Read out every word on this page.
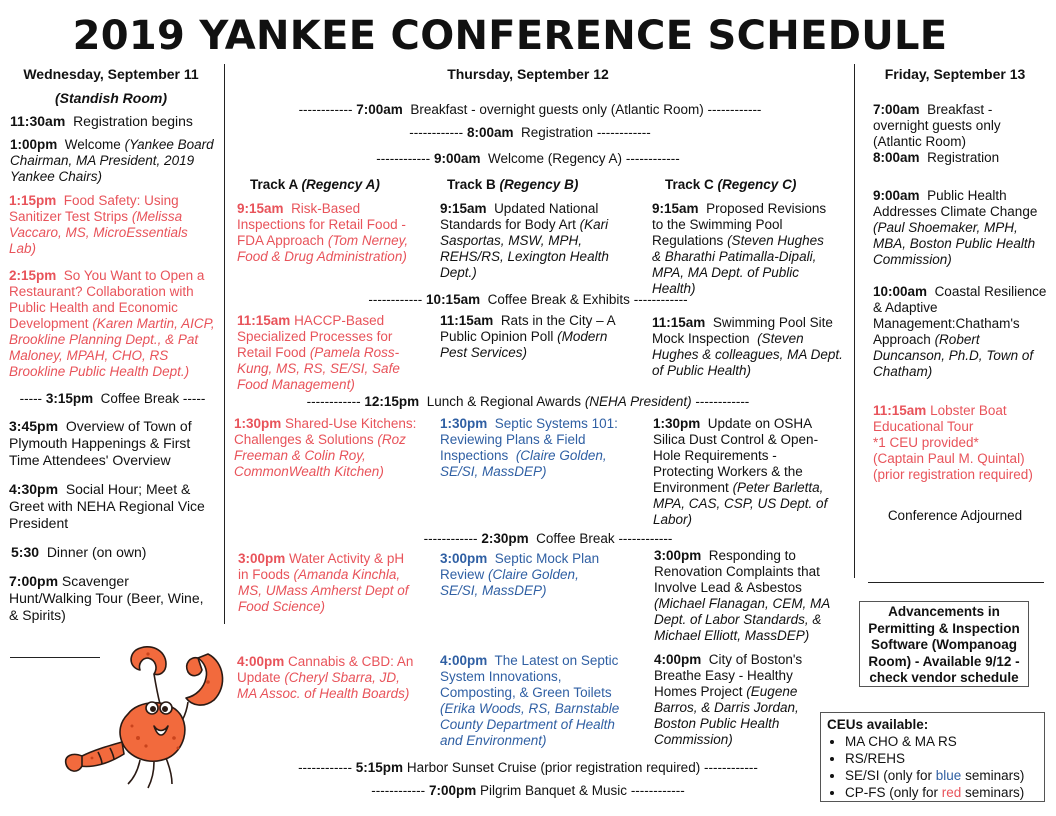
2019 YANKEE CONFERENCE SCHEDULE
Wednesday, September 11
(Standish Room)
11:30am Registration begins
1:00pm Welcome (Yankee Board Chairman, MA President, 2019 Yankee Chairs)
1:15pm Food Safety: Using Sanitizer Test Strips (Melissa Vaccaro, MS, MicroEssentials Lab)
2:15pm So You Want to Open a Restaurant? Collaboration with Public Health and Economic Development (Karen Martin, AICP, Brookline Planning Dept., & Pat Maloney, MPAH, CHO, RS Brookline Public Health Dept.)
----- 3:15pm Coffee Break -----
3:45pm Overview of Town of Plymouth Happenings & First Time Attendees' Overview
4:30pm Social Hour; Meet & Greet with NEHA Regional Vice President
5:30 Dinner (on own)
7:00pm Scavenger Hunt/Walking Tour (Beer, Wine, & Spirits)
Thursday, September 12
------------ 7:00am Breakfast - overnight guests only (Atlantic Room) ------------
------------ 8:00am Registration ------------
------------ 9:00am Welcome (Regency A) ------------
Track A (Regency A)	Track B (Regency B)	Track C (Regency C)
9:15am Risk-Based Inspections for Retail Food - FDA Approach (Tom Nerney, Food & Drug Administration)
9:15am Updated National Standards for Body Art (Kari Sasportas, MSW, MPH, REHS/RS, Lexington Health Dept.)
9:15am Proposed Revisions to the Swimming Pool Regulations (Steven Hughes & Bharathi Patimalla-Dipali, MPA, MA Dept. of Public Health)
------------ 10:15am Coffee Break & Exhibits ------------
11:15am HACCP-Based Specialized Processes for Retail Food (Pamela Ross-Kung, MS, RS, SE/SI, Safe Food Management)
11:15am Rats in the City – A Public Opinion Poll (Modern Pest Services)
11:15am Swimming Pool Site Mock Inspection (Steven Hughes & colleagues, MA Dept. of Public Health)
------------ 12:15pm Lunch & Regional Awards (NEHA President) ------------
1:30pm Shared-Use Kitchens: Challenges & Solutions (Roz Freeman & Colin Roy, CommonWealth Kitchen)
1:30pm Septic Systems 101: Reviewing Plans & Field Inspections (Claire Golden, SE/SI, MassDEP)
1:30pm Update on OSHA Silica Dust Control & Open-Hole Requirements - Protecting Workers & the Environment (Peter Barletta, MPA, CAS, CSP, US Dept. of Labor)
------------ 2:30pm Coffee Break ------------
3:00pm Water Activity & pH in Foods (Amanda Kinchla, MS, UMass Amherst Dept of Food Science)
3:00pm Septic Mock Plan Review (Claire Golden, SE/SI, MassDEP)
3:00pm Responding to Renovation Complaints that Involve Lead & Asbestos (Michael Flanagan, CEM, MA Dept. of Labor Standards, & Michael Elliott, MassDEP)
4:00pm Cannabis & CBD: An Update (Cheryl Sbarra, JD, MA Assoc. of Health Boards)
4:00pm The Latest on Septic System Innovations, Composting, & Green Toilets (Erika Woods, RS, Barnstable County Department of Health and Environment)
4:00pm City of Boston's Breathe Easy - Healthy Homes Project (Eugene Barros, & Darris Jordan, Boston Public Health Commission)
------------ 5:15pm Harbor Sunset Cruise (prior registration required) ------------
------------ 7:00pm Pilgrim Banquet & Music ------------
Friday, September 13
7:00am Breakfast - overnight guests only (Atlantic Room)
8:00am Registration
9:00am Public Health Addresses Climate Change (Paul Shoemaker, MPH, MBA, Boston Public Health Commission)
10:00am Coastal Resilience & Adaptive Management:Chatham's Approach (Robert Duncanson, Ph.D, Town of Chatham)
11:15am Lobster Boat Educational Tour
*1 CEU provided*
(Captain Paul M. Quintal)
(prior registration required)
Conference Adjourned
Advancements in Permitting & Inspection Software (Wompanoag Room) - Available 9/12 - check vendor schedule
CEUs available:
• MA CHO & MA RS
• RS/REHS
• SE/SI (only for blue seminars)
• CP-FS (only for red seminars)
